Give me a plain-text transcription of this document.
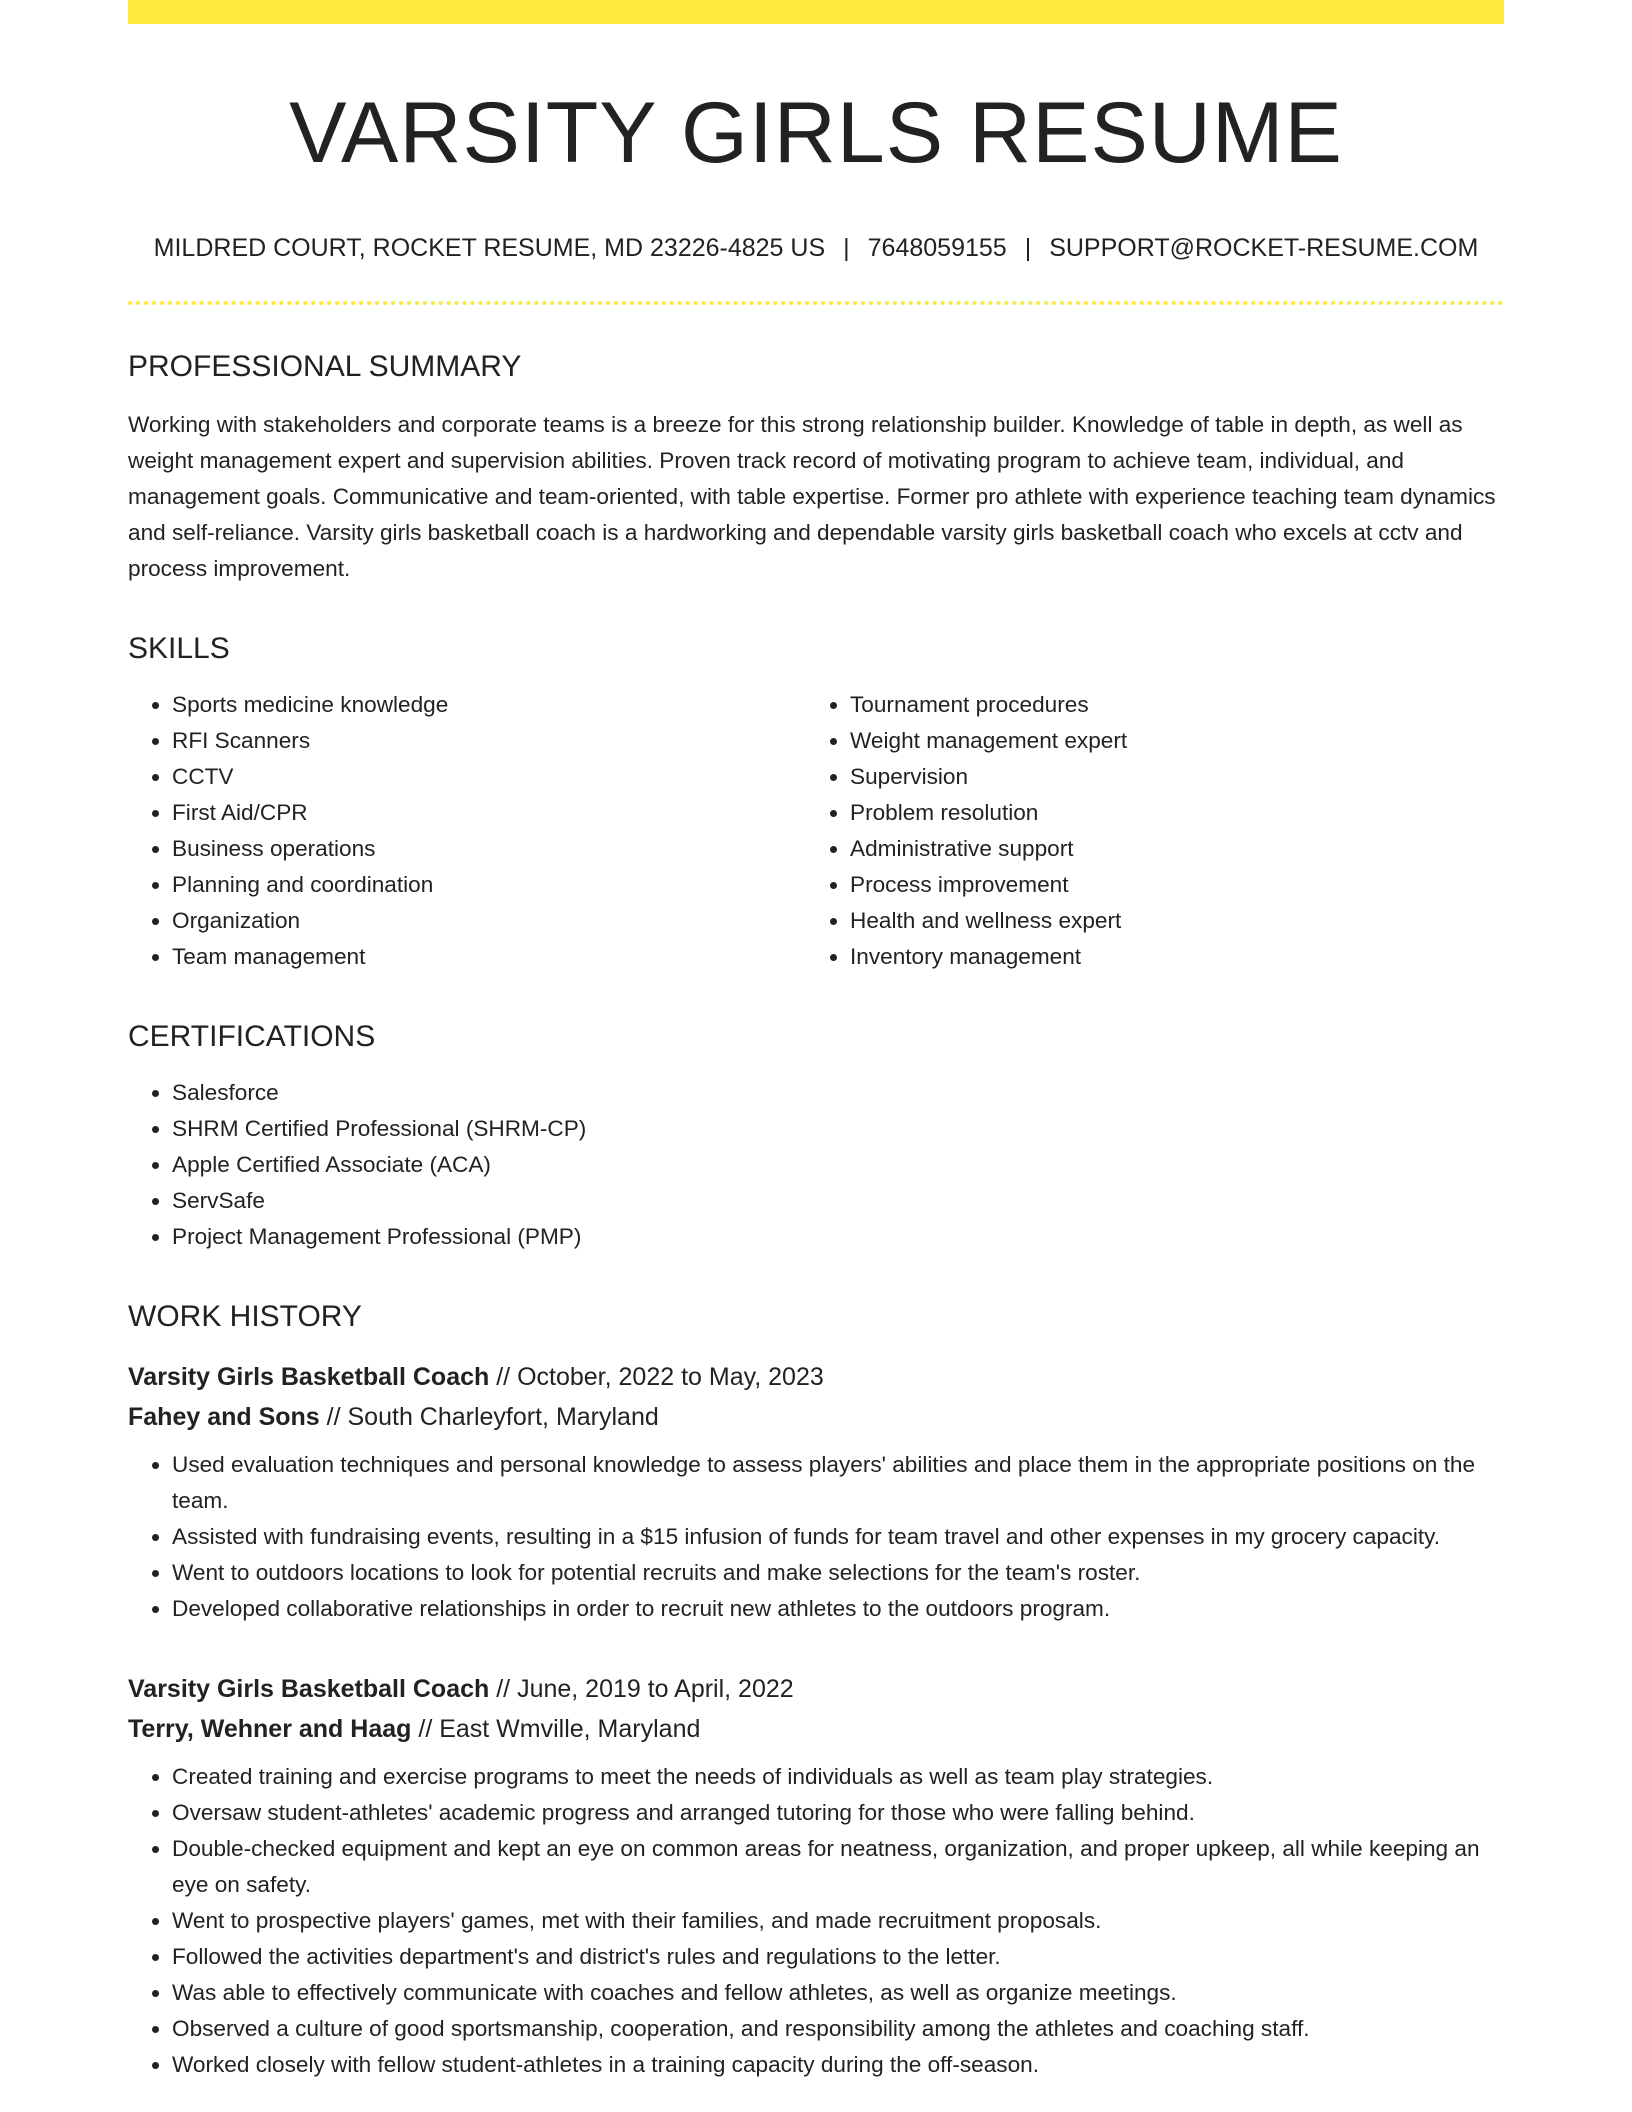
VARSITY GIRLS RESUME
MILDRED COURT, ROCKET RESUME, MD 23226-4825 US | 7648059155 | SUPPORT@ROCKET-RESUME.COM
PROFESSIONAL SUMMARY

Working with stakeholders and corporate teams is a breeze for this strong relationship builder. Knowledge of table in depth, as well as weight management expert and supervision abilities. Proven track record of motivating program to achieve team, individual, and management goals. Communicative and team-oriented, with table expertise. Former pro athlete with experience teaching team dynamics and self-reliance. Varsity girls basketball coach is a hardworking and dependable varsity girls basketball coach who excels at cctv and process improvement.

SKILLS
• Sports medicine knowledge
• RFI Scanners
• CCTV
• First Aid/CPR
• Business operations
• Planning and coordination
• Organization
• Team management
• Tournament procedures
• Weight management expert
• Supervision
• Problem resolution
• Administrative support
• Process improvement
• Health and wellness expert
• Inventory management
CERTIFICATIONS
• Salesforce
• SHRM Certified Professional (SHRM-CP)
• Apple Certified Associate (ACA)
• ServSafe
• Project Management Professional (PMP)
WORK HISTORY
Varsity Girls Basketball Coach // October, 2022 to May, 2023
Fahey and Sons // South Charleyfort, Maryland
• Used evaluation techniques and personal knowledge to assess players' abilities and place them in the appropriate positions on the team.
• Assisted with fundraising events, resulting in a $15 infusion of funds for team travel and other expenses in my grocery capacity.
• Went to outdoors locations to look for potential recruits and make selections for the team's roster.
• Developed collaborative relationships in order to recruit new athletes to the outdoors program.
Varsity Girls Basketball Coach // June, 2019 to April, 2022
Terry, Wehner and Haag // East Wmville, Maryland
• Created training and exercise programs to meet the needs of individuals as well as team play strategies.
• Oversaw student-athletes' academic progress and arranged tutoring for those who were falling behind.
• Double-checked equipment and kept an eye on common areas for neatness, organization, and proper upkeep, all while keeping an eye on safety.
• Went to prospective players' games, met with their families, and made recruitment proposals.
• Followed the activities department's and district's rules and regulations to the letter.
• Was able to effectively communicate with coaches and fellow athletes, as well as organize meetings.
• Observed a culture of good sportsmanship, cooperation, and responsibility among the athletes and coaching staff.
• Worked closely with fellow student-athletes in a training capacity during the off-season.
